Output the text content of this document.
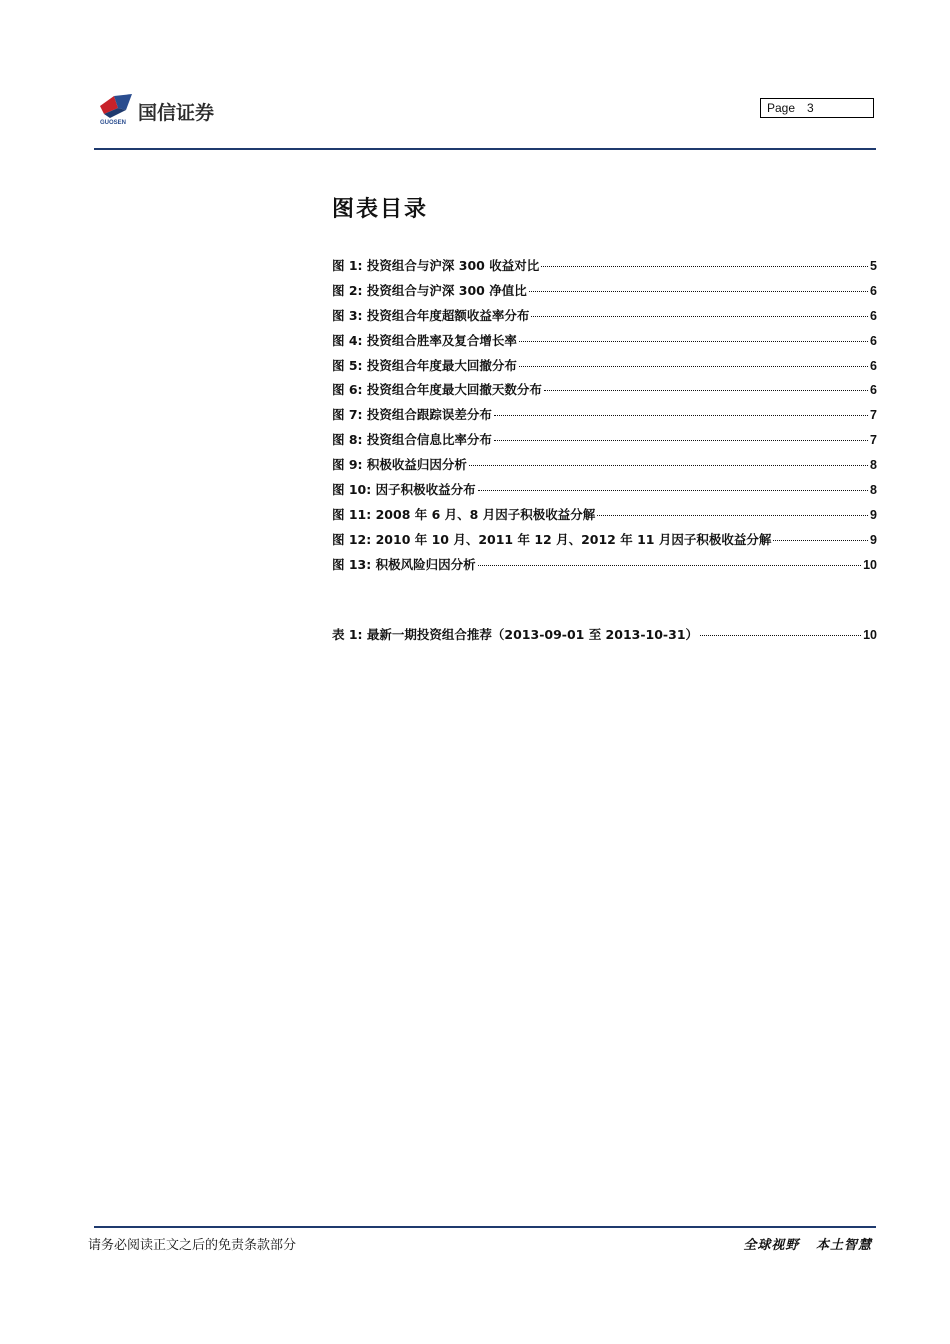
国信证券
GUOSEN
Page 3
图表目录
图 1: 投资组合与沪深 300 收益对比	5
图 2: 投资组合与沪深 300 净值比	6
图 3: 投资组合年度超额收益率分布	6
图 4: 投资组合胜率及复合增长率	6
图 5: 投资组合年度最大回撤分布	6
图 6: 投资组合年度最大回撤天数分布	6
图 7: 投资组合跟踪误差分布	7
图 8: 投资组合信息比率分布	7
图 9: 积极收益归因分析	8
图 10: 因子积极收益分布	8
图 11: 2008 年 6 月、8 月因子积极收益分解	9
图 12: 2010 年 10 月、2011 年 12 月、2012 年 11 月因子积极收益分解	9
图 13: 积极风险归因分析	10
表 1: 最新一期投资组合推荐（2013-09-01 至 2013-10-31）	10
请务必阅读正文之后的免责条款部分	全球视野   本土智慧
